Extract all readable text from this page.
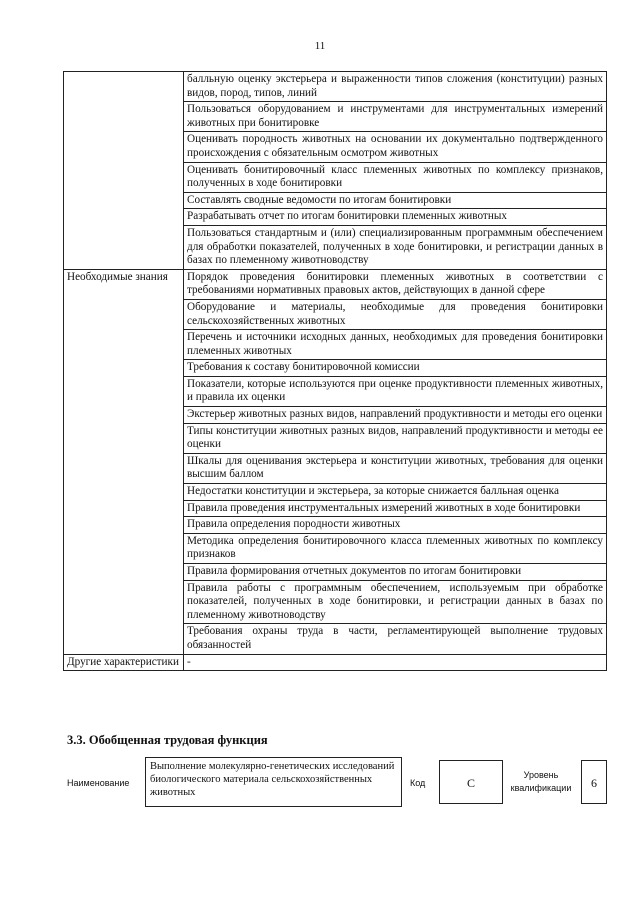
11
	балльную оценку экстерьера и выраженности типов сложения (конституции) разных видов, пород, типов, линий
	Пользоваться оборудованием и инструментами для инструментальных измерений животных при бонитировке
	Оценивать породность животных на основании их документально подтвержденного происхождения с обязательным осмотром животных
	Оценивать бонитировочный класс племенных животных по комплексу признаков, полученных в ходе бонитировки
	Составлять сводные ведомости по итогам бонитировки
	Разрабатывать отчет по итогам бонитировки племенных животных
	Пользоваться стандартным и (или) специализированным программным обеспечением для обработки показателей, полученных в ходе бонитировки, и регистрации данных в базах по племенному животноводству
Необходимые знания	Порядок проведения бонитировки племенных животных в соответствии с требованиями нормативных правовых актов, действующих в данной сфере
	Оборудование и материалы, необходимые для проведения бонитировки сельскохозяйственных животных
	Перечень и источники исходных данных, необходимых для проведения бонитировки племенных животных
	Требования к составу бонитировочной комиссии
	Показатели, которые используются при оценке продуктивности племенных животных, и правила их оценки
	Экстерьер животных разных видов, направлений продуктивности и методы его оценки
	Типы конституции животных разных видов, направлений продуктивности и методы ее оценки
	Шкалы для оценивания экстерьера и конституции животных, требования для оценки высшим баллом
	Недостатки конституции и экстерьера, за которые снижается балльная оценка
	Правила проведения инструментальных измерений животных в ходе бонитировки
	Правила определения породности животных
	Методика определения бонитировочного класса племенных животных по комплексу признаков
	Правила формирования отчетных документов по итогам бонитировки
	Правила работы с программным обеспечением, используемым при обработке показателей, полученных в ходе бонитировки, и регистрации данных в базах по племенному животноводству
	Требования охраны труда в части, регламентирующей выполнение трудовых обязанностей
Другие характеристики	-
3.3. Обобщенная трудовая функция
Наименование
Выполнение молекулярно-генетических исследований биологического материала сельскохозяйственных животных
Код	C
Уровень квалификации	6
